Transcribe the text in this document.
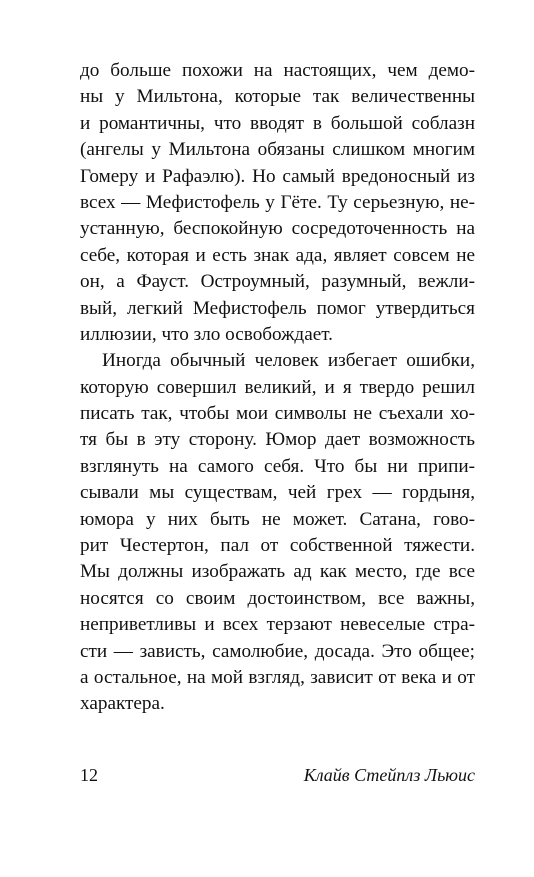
до больше похожи на настоящих, чем демо-
ны у Мильтона, которые так величественны
и романтичны, что вводят в большой соблазн
(ангелы у Мильтона обязаны слишком многим
Гомеру и Рафаэлю). Но самый вредоносный из
всех — Мефистофель у Гёте. Ту серьезную, не-
устанную, беспокойную сосредоточенность на
себе, которая и есть знак ада, являет совсем не
он, а Фауст. Остроумный, разумный, вежли-
вый, легкий Мефистофель помог утвердиться
иллюзии, что зло освобождает.
Иногда обычный человек избегает ошибки,
которую совершил великий, и я твердо решил
писать так, чтобы мои символы не съехали хо-
тя бы в эту сторону. Юмор дает возможность
взглянуть на самого себя. Что бы ни припи-
сывали мы существам, чей грех — гордыня,
юмора у них быть не может. Сатана, гово-
рит Честертон, пал от собственной тяжести.
Мы должны изображать ад как место, где все
носятся со своим достоинством, все важны,
неприветливы и всех терзают невеселые стра-
сти — зависть, самолюбие, досада. Это общее;
а остальное, на мой взгляд, зависит от века и от
характера.
12	Клайв Стейплз Льюис
